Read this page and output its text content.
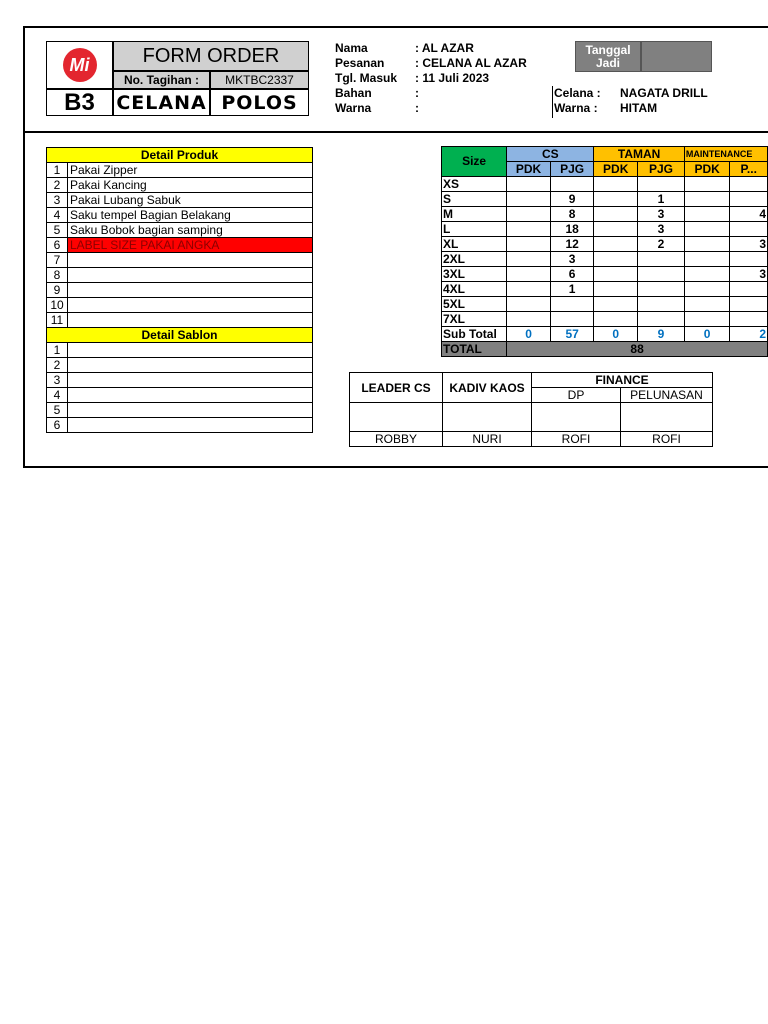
Mi
B3
FORM ORDER
No. Tagihan :	MKTBC2337
CELANA POLOS
Nama	: AL AZAR
Pesanan	: CELANA AL AZAR
Tgl. Masuk	: 11 Juli 2023
Bahan	:
Warna	:
Celana : NAGATA DRILL
Warna : HITAM
Tanggal Jadi
Detail Produk	
1	Pakai Zipper
2	Pakai Kancing
3	Pakai Lubang Sabuk
4	Saku tempel Bagian Belakang
5	Saku Bobok bagian samping
6	LABEL SIZE PAKAI ANGKA
7	
8	
9	
10	
11	
Detail Sablon	
1	
2	
3	
4	
5	
6	
Size	CS		TAMAN		MAINTENANCE	
	PDK	PJG	PDK	PJG	PDK	P...
XS						
S		9		1		
M		8		3		4
L		18		3		
XL		12		2		3
2XL		3				
3XL		6				3
4XL		1				
5XL						
7XL						
Sub Total	0	57	0	9	0	2
TOTAL	88					
LEADER CS	KADIV KAOS	FINANCE	
		DP	PELUNASAN

ROBBY	NURI	ROFI	ROFI
